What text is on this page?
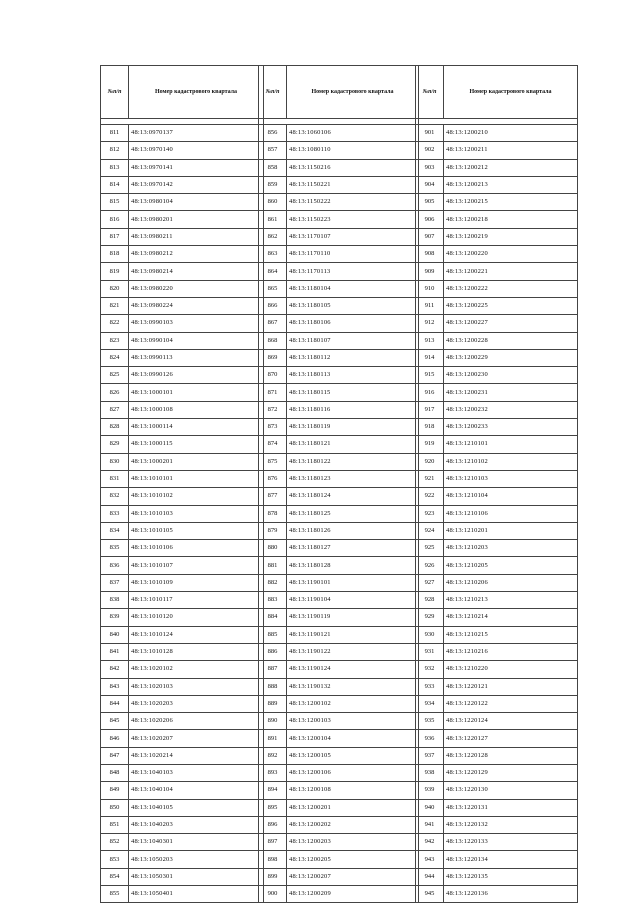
№п/п	Номер кадастрового квартала

811	48:13:0970137
812	48:13:0970140
813	48:13:0970141
814	48:13:0970142
815	48:13:0980104
816	48:13:0980201
817	48:13:0980211
818	48:13:0980212
819	48:13:0980214
820	48:13:0980220
821	48:13:0980224
822	48:13:0990103
823	48:13:0990104
824	48:13:0990113
825	48:13:0990126
826	48:13:1000101
827	48:13:1000108
828	48:13:1000114
829	48:13:1000115
830	48:13:1000201
831	48:13:1010101
832	48:13:1010102
833	48:13:1010103
834	48:13:1010105
835	48:13:1010106
836	48:13:1010107
837	48:13:1010109
838	48:13:1010117
839	48:13:1010120
840	48:13:1010124
841	48:13:1010128
842	48:13:1020102
843	48:13:1020103
844	48:13:1020203
845	48:13:1020206
846	48:13:1020207
847	48:13:1020214
848	48:13:1040103
849	48:13:1040104
850	48:13:1040105
851	48:13:1040203
852	48:13:1040301
853	48:13:1050203
854	48:13:1050301
855	48:13:1050401
№п/п	Номер кадастрового квартала

856	48:13:1060106
857	48:13:1080110
858	48:13:1150216
859	48:13:1150221
860	48:13:1150222
861	48:13:1150223
862	48:13:1170107
863	48:13:1170110
864	48:13:1170113
865	48:13:1180104
866	48:13:1180105
867	48:13:1180106
868	48:13:1180107
869	48:13:1180112
870	48:13:1180113
871	48:13:1180115
872	48:13:1180116
873	48:13:1180119
874	48:13:1180121
875	48:13:1180122
876	48:13:1180123
877	48:13:1180124
878	48:13:1180125
879	48:13:1180126
880	48:13:1180127
881	48:13:1180128
882	48:13:1190101
883	48:13:1190104
884	48:13:1190119
885	48:13:1190121
886	48:13:1190122
887	48:13:1190124
888	48:13:1190132
889	48:13:1200102
890	48:13:1200103
891	48:13:1200104
892	48:13:1200105
893	48:13:1200106
894	48:13:1200108
895	48:13:1200201
896	48:13:1200202
897	48:13:1200203
898	48:13:1200205
899	48:13:1200207
900	48:13:1200209
№п/п	Номер кадастрового квартала

901	48:13:1200210
902	48:13:1200211
903	48:13:1200212
904	48:13:1200213
905	48:13:1200215
906	48:13:1200218
907	48:13:1200219
908	48:13:1200220
909	48:13:1200221
910	48:13:1200222
911	48:13:1200225
912	48:13:1200227
913	48:13:1200228
914	48:13:1200229
915	48:13:1200230
916	48:13:1200231
917	48:13:1200232
918	48:13:1200233
919	48:13:1210101
920	48:13:1210102
921	48:13:1210103
922	48:13:1210104
923	48:13:1210106
924	48:13:1210201
925	48:13:1210203
926	48:13:1210205
927	48:13:1210206
928	48:13:1210213
929	48:13:1210214
930	48:13:1210215
931	48:13:1210216
932	48:13:1210220
933	48:13:1220121
934	48:13:1220122
935	48:13:1220124
936	48:13:1220127
937	48:13:1220128
938	48:13:1220129
939	48:13:1220130
940	48:13:1220131
941	48:13:1220132
942	48:13:1220133
943	48:13:1220134
944	48:13:1220135
945	48:13:1220136
